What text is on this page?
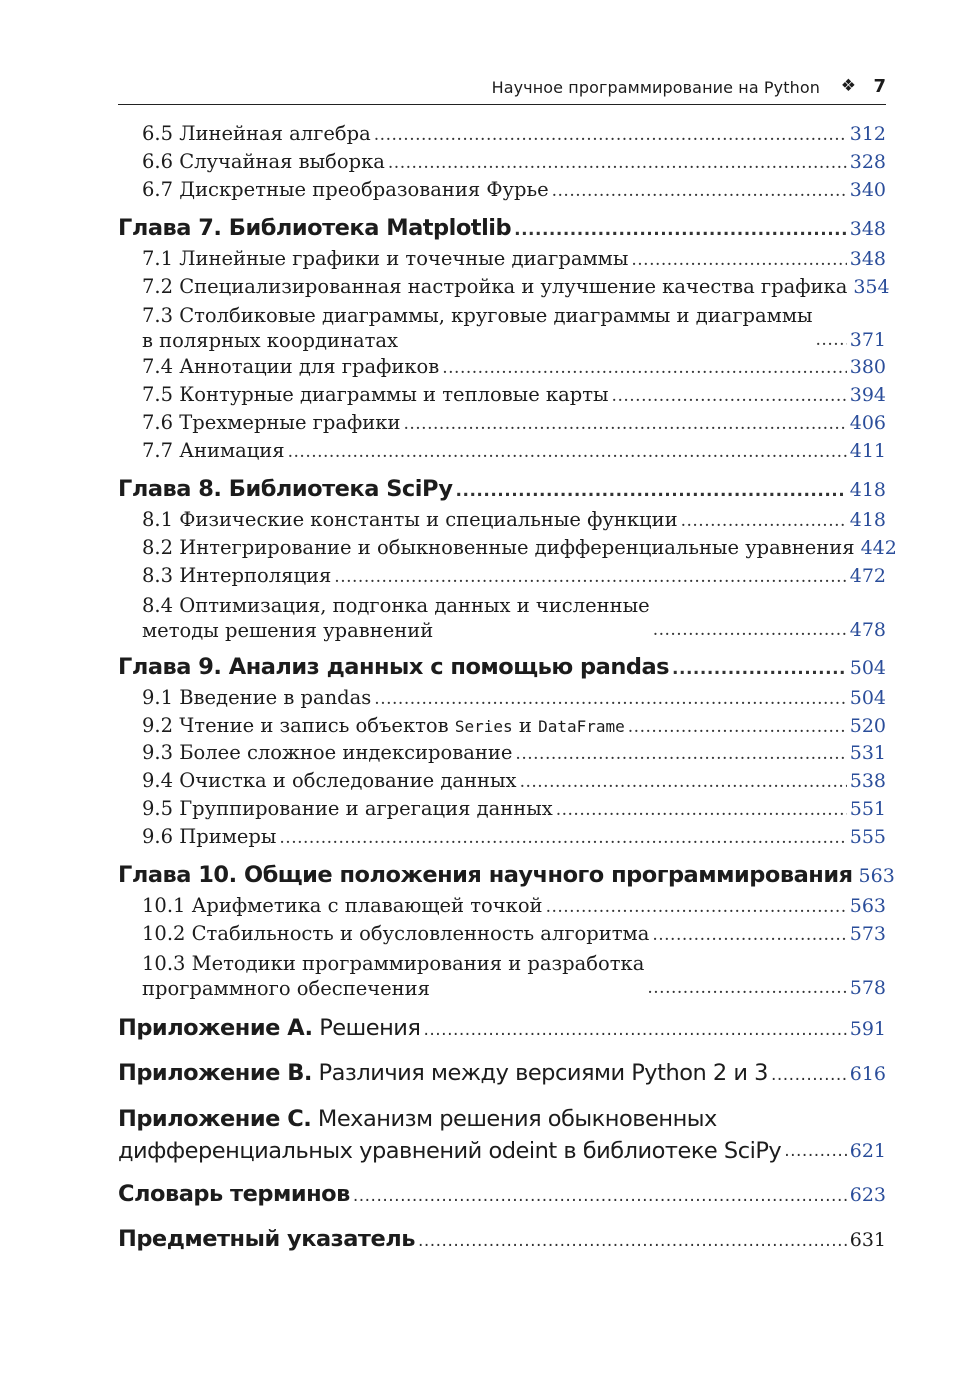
Научное программирование на Python ❖ 7
6.5 Линейная алгебра .....	312
6.6 Случайная выборка .....	328
6.7 Дискретные преобразования Фурье .....	340
Глава 7. Библиотека Matplotlib .....	348
7.1 Линейные графики и точечные диаграммы .....	348
7.2 Специализированная настройка и улучшение качества графика 354
7.3 Столбиковые диаграммы, круговые диаграммы и диаграммы
в полярных координатах .....	371
7.4 Аннотации для графиков .....	380
7.5 Контурные диаграммы и тепловые карты .....	394
7.6 Трехмерные графики .....	406
7.7 Анимация .....	411
Глава 8. Библиотека SciPy .....	418
8.1 Физические константы и специальные функции .....	418
8.2 Интегрирование и обыкновенные дифференциальные уравнения 442
8.3 Интерполяция .....	472
8.4 Оптимизация, подгонка данных и численные
методы решения уравнений .....	478
Глава 9. Анализ данных с помощью pandas .....	504
9.1 Введение в pandas .....	504
9.2 Чтение и запись объектов Series и DataFrame .....	520
9.3 Более сложное индексирование .....	531
9.4 Очистка и обследование данных .....	538
9.5 Группирование и агрегация данных .....	551
9.6 Примеры .....	555
Глава 10. Общие положения научного программирования 563
10.1 Арифметика с плавающей точкой .....	563
10.2 Стабильность и обусловленность алгоритма .....	573
10.3 Методики программирования и разработка
программного обеспечения .....	578
Приложение A. Решения .....	591
Приложение B. Различия между версиями Python 2 и 3 .....	616
Приложение C. Механизм решения обыкновенных
дифференциальных уравнений odeint в библиотеке SciPy .....	621
Словарь терминов .....	623
Предметный указатель .....	631
